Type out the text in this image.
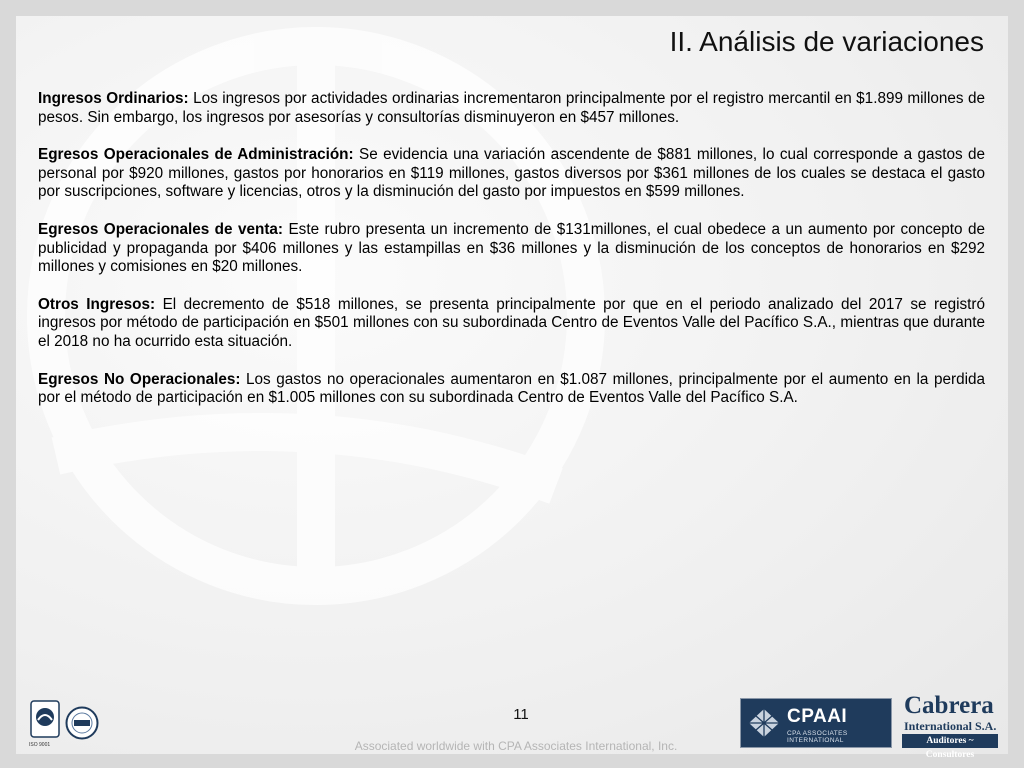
II. Análisis de variaciones

Ingresos Ordinarios: Los ingresos por actividades ordinarias incrementaron principalmente por el registro mercantil en $1.899 millones de pesos. Sin embargo, los ingresos por asesorías y consultorías disminuyeron en $457 millones.

Egresos Operacionales de Administración: Se evidencia una variación ascendente de $881 millones, lo cual corresponde a gastos de personal por $920 millones, gastos por honorarios en $119 millones, gastos diversos por $361 millones de los cuales se destaca el gasto por suscripciones, software y licencias, otros y la disminución del gasto por impuestos en $599 millones.

Egresos Operacionales de venta: Este rubro presenta un incremento de $131millones, el cual obedece a un aumento por concepto de publicidad y propaganda por $406 millones y las estampillas en $36 millones y la disminución de los conceptos de honorarios en $292 millones y comisiones en $20 millones.

Otros Ingresos: El decremento de $518 millones, se presenta principalmente por que en el periodo analizado del 2017 se registró ingresos por método de participación en $501 millones con su subordinada Centro de Eventos Valle del Pacífico S.A., mientras que durante el 2018 no ha ocurrido esta situación.

Egresos No Operacionales: Los gastos no operacionales aumentaron en $1.087 millones, principalmente por el aumento en la perdida por el método de participación en $1.005 millones con su subordinada Centro de Eventos Valle del Pacífico S.A.

ISO 9001
11
Associated worldwide with CPA Associates International, Inc.
CPAAI
CPA ASSOCIATES INTERNATIONAL
Cabrera
International S.A.
Auditores ~ Consultores
